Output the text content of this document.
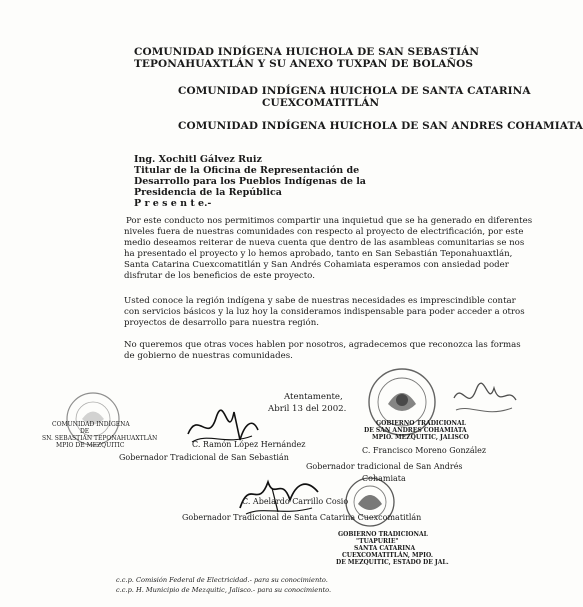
COMUNIDAD INDÍGENA HUICHOLA DE SAN SEBASTIÁN
TEPONAHUAXTLÁN Y SU ANEXO TUXPAN DE BOLAÑOS
COMUNIDAD INDÍGENA HUICHOLA DE SANTA CATARINA
CUEXCOMATITLÁN
COMUNIDAD INDÍGENA HUICHOLA DE SAN ANDRES COHAMIATA
Ing. Xochitl Gálvez Ruiz
Titular de la Oficina de Representación de
Desarrollo para los Pueblos Indígenas de la
Presidencia de la República
P r e s e n t e.-
Por este conducto nos permitimos compartir una inquietud que se ha generado en diferentes
niveles fuera de nuestras comunidades con respecto al proyecto de electrificación, por este
medio deseamos reiterar de nueva cuenta que dentro de las asambleas comunitarias se nos
ha presentado el proyecto y lo hemos aprobado, tanto en San Sebastián Teponahuaxtlán,
Santa Catarina Cuexcomatitlán y San Andrés Cohamiata esperamos con ansiedad poder
disfrutar de los beneficios de este proyecto.
Usted conoce la región indígena y sabe de nuestras necesidades es imprescindible contar
con servicios básicos y la luz hoy la consideramos indispensable para poder acceder a otros
proyectos de desarrollo para nuestra región.
No queremos que otras voces hablen por nosotros, agradecemos que reconozca las formas
de gobierno de nuestras comunidades.
Atentamente,
Abril 13 del 2002.
COMUNIDAD INDÍGENA
DE
SN. SEBASTIÁN TEPONAHUAXTLÁN
MPIO DE MEZQUITIC	C. Ramón López Hernández
Gobernador Tradicional de San Sebastián
GOBIERNO TRADICIONAL
DE SAN ANDRES COHAMIATA
MPIO. MEZQUITIC, JALISCO
C. Francisco Moreno González
Gobernador tradicional de San Andrés
Cohamiata
C. Abelardo Carrillo Cosio
Gobernador Tradicional de Santa Catarina Cuexcomatitlán
GOBIERNO TRADICIONAL
"TUAPURIE"
SANTA CATARINA
CUEXCOMATITLÁN, MPIO.
DE MEZQUITIC, ESTADO DE JAL.
c.c.p. Comisión Federal de Electricidad.- para su conocimiento.
c.c.p. H. Municipio de Mezquitic, Jalisco.- para su conocimiento.
